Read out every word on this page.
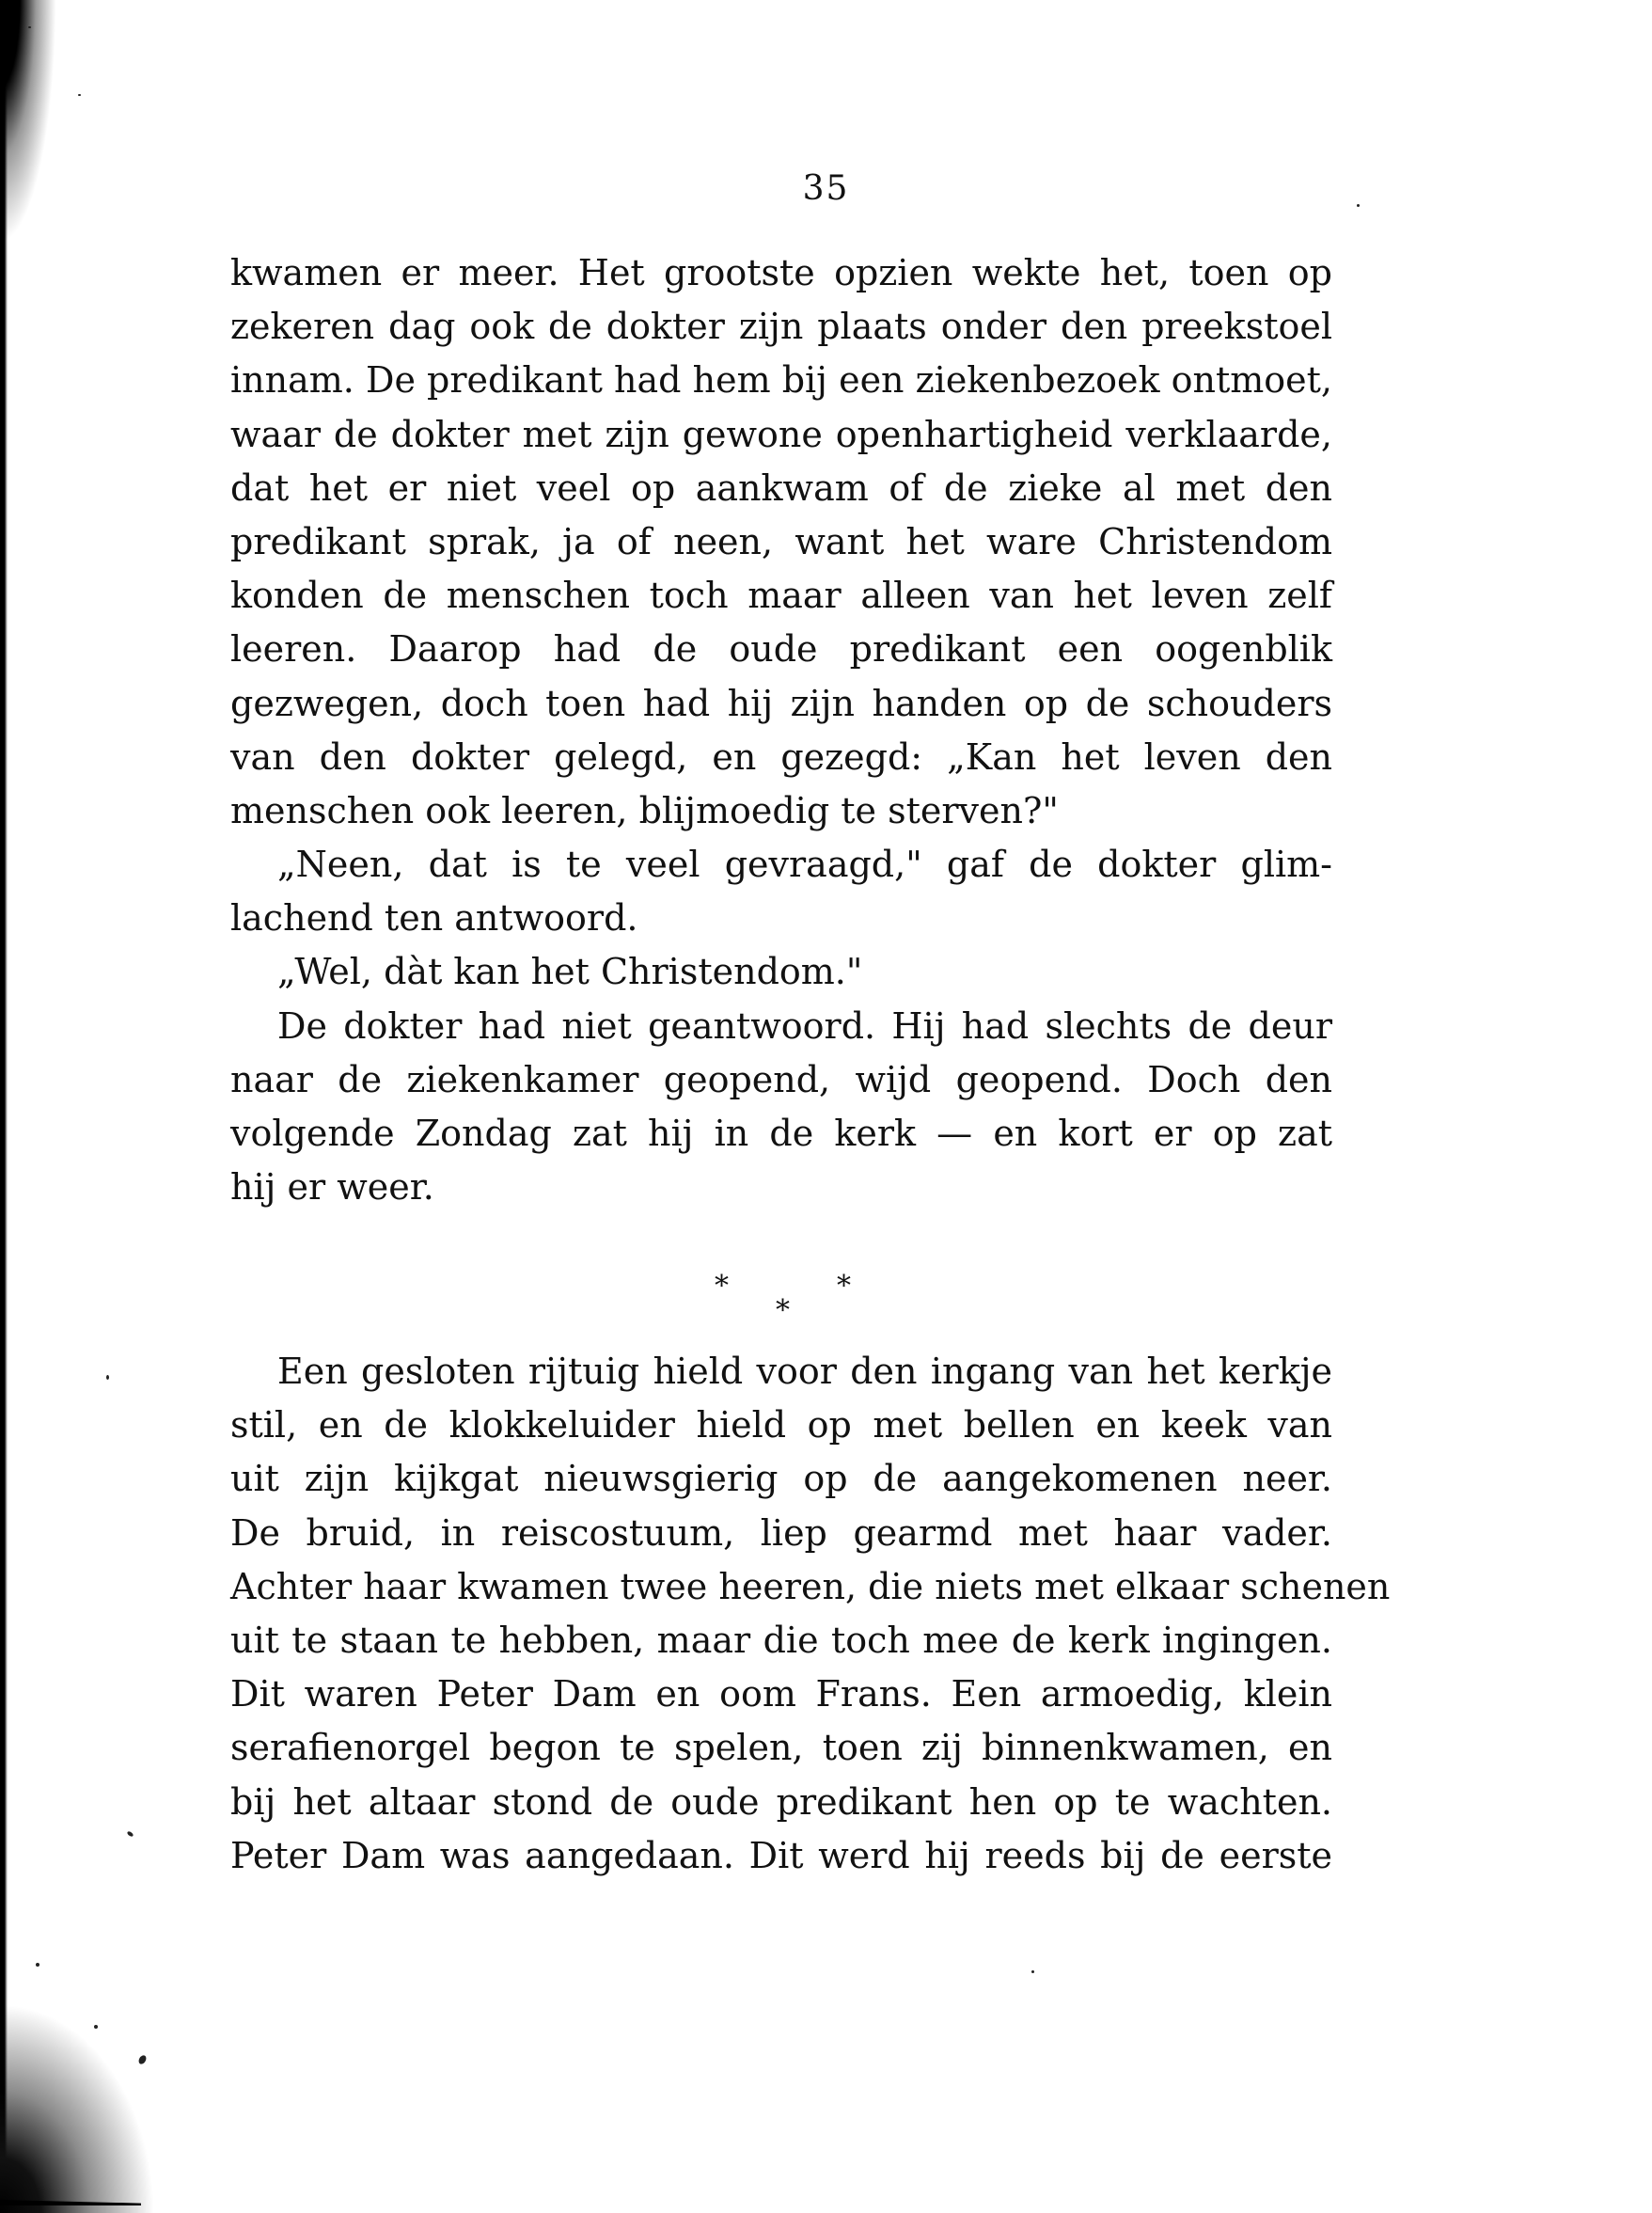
35
kwamen er meer. Het grootste opzien wekte het, toen op
zekeren dag ook de dokter zijn plaats onder den preekstoel
innam. De predikant had hem bij een ziekenbezoek ontmoet,
waar de dokter met zijn gewone openhartigheid verklaarde,
dat het er niet veel op aankwam of de zieke al met den
predikant sprak, ja of neen, want het ware Christendom
konden de menschen toch maar alleen van het leven zelf
leeren. Daarop had de oude predikant een oogenblik
gezwegen, doch toen had hij zijn handen op de schouders
van den dokter gelegd, en gezegd: „Kan het leven den
menschen ook leeren, blijmoedig te sterven?"
„Neen, dat is te veel gevraagd," gaf de dokter glim-
lachend ten antwoord.
„Wel, dàt kan het Christendom."
De dokter had niet geantwoord. Hij had slechts de deur
naar de ziekenkamer geopend, wijd geopend. Doch den
volgende Zondag zat hij in de kerk — en kort er op zat
hij er weer.
*	*
*
Een gesloten rijtuig hield voor den ingang van het kerkje
stil, en de klokkeluider hield op met bellen en keek van
uit zijn kijkgat nieuwsgierig op de aangekomenen neer.
De bruid, in reiscostuum, liep gearmd met haar vader.
Achter haar kwamen twee heeren, die niets met elkaar schenen
uit te staan te hebben, maar die toch mee de kerk ingingen.
Dit waren Peter Dam en oom Frans. Een armoedig, klein
serafienorgel begon te spelen, toen zij binnenkwamen, en
bij het altaar stond de oude predikant hen op te wachten.
Peter Dam was aangedaan. Dit werd hij reeds bij de eerste
